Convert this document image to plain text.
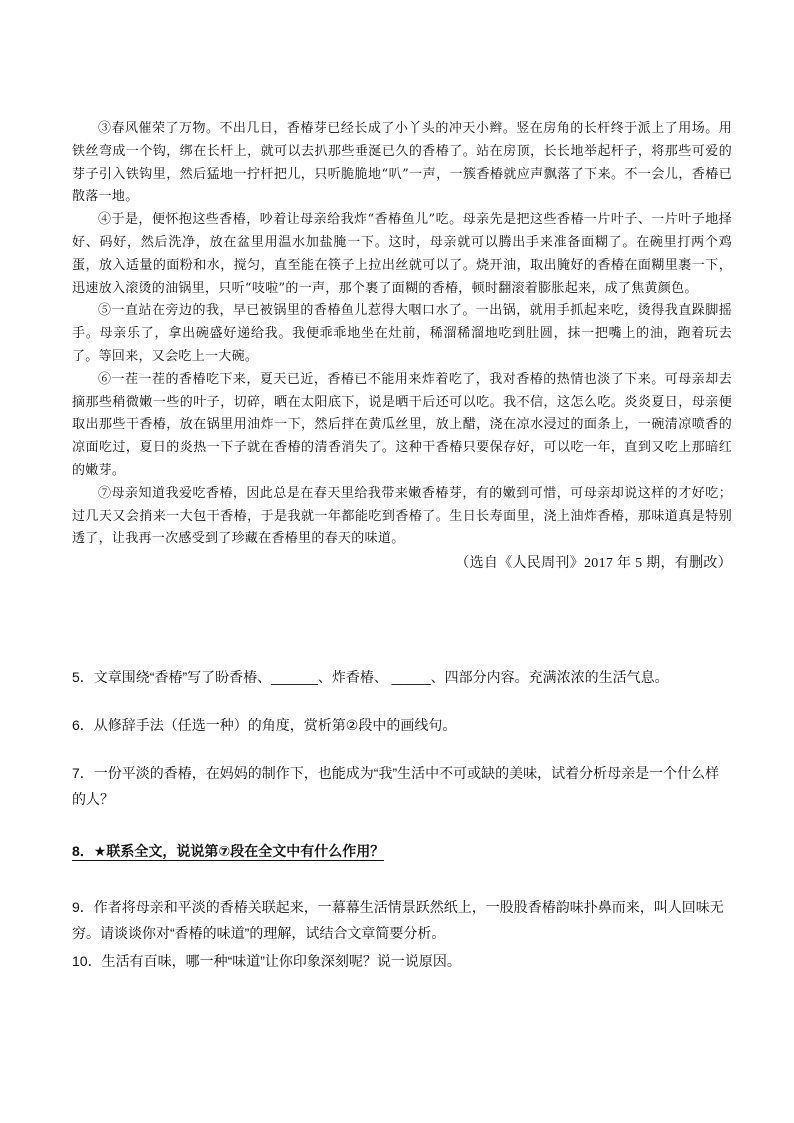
③春风催荣了万物。不出几日，香椿芽已经长成了小丫头的冲天小辫。竖在房角的长杆终于派上了用场。用铁丝弯成一个钩，绑在长杆上，就可以去扒那些垂涎已久的香椿了。站在房顶，长长地举起杆子，将那些可爱的芽子引入铁钩里，然后猛地一拧杆把儿，只听脆脆地“叭”一声，一簇香椿就应声飘落了下来。不一会儿，香椿已散落一地。

④于是，便怀抱这些香椿，吵着让母亲给我炸“香椿鱼儿”吃。母亲先是把这些香椿一片叶子、一片叶子地择好、码好，然后洗净，放在盆里用温水加盐腌一下。这时，母亲就可以腾出手来准备面糊了。在碗里打两个鸡蛋，放入适量的面粉和水，搅匀，直至能在筷子上拉出丝就可以了。烧开油，取出腌好的香椿在面糊里裹一下，迅速放入滚烫的油锅里，只听“吱啦”的一声，那个裹了面糊的香椿，顿时翻滚着膨胀起来，成了焦黄颜色。

⑤一直站在旁边的我，早已被锅里的香椿鱼儿惹得大咽口水了。一出锅，就用手抓起来吃，烫得我直跺脚摇手。母亲乐了，拿出碗盛好递给我。我便乖乖地坐在灶前，稀溜稀溜地吃到肚圆，抹一把嘴上的油，跑着玩去了。等回来，又会吃上一大碗。

⑥一茬一茬的香椿吃下来，夏天已近，香椿已不能用来炸着吃了，我对香椿的热情也淡了下来。可母亲却去摘那些稍微嫩一些的叶子，切碎，晒在太阳底下，说是晒干后还可以吃。我不信，这怎么吃。炎炎夏日，母亲便取出那些干香椿，放在锅里用油炸一下，然后拌在黄瓜丝里，放上醋，浇在凉水浸过的面条上，一碗清凉喷香的凉面吃过，夏日的炎热一下子就在香椿的清香消失了。这种干香椿只要保存好，可以吃一年，直到又吃上那暗红的嫩芽。

⑦母亲知道我爱吃香椿，因此总是在春天里给我带来嫩香椿芽，有的嫩到可惜，可母亲却说这样的才好吃；过几天又会捎来一大包干香椿，于是我就一年都能吃到香椿了。生日长寿面里，浇上油炸香椿，那味道真是特别透了，让我再一次感受到了珍藏在香椿里的春天的味道。

（选自《人民周刊》2017 年 5 期，有删改）

5．文章围绕“香椿”写了盼香椿、______、炸香椿、 _____、四部分内容。充满浓浓的生活气息。

6．从修辞手法（任选一种）的角度，赏析第②段中的画线句。

7．一份平淡的香椿，在妈妈的制作下，也能成为“我”生活中不可或缺的美味，试着分析母亲是一个什么样的人？

8．★联系全文，说说第⑦段在全文中有什么作用？

9．作者将母亲和平淡的香椿关联起来，一幕幕生活情景跃然纸上，一股股香椿韵味扑鼻而来，叫人回味无穷。请谈谈你对“香椿的味道”的理解，试结合文章简要分析。

10．生活有百味，哪一种“味道”让你印象深刻呢？说一说原因。
